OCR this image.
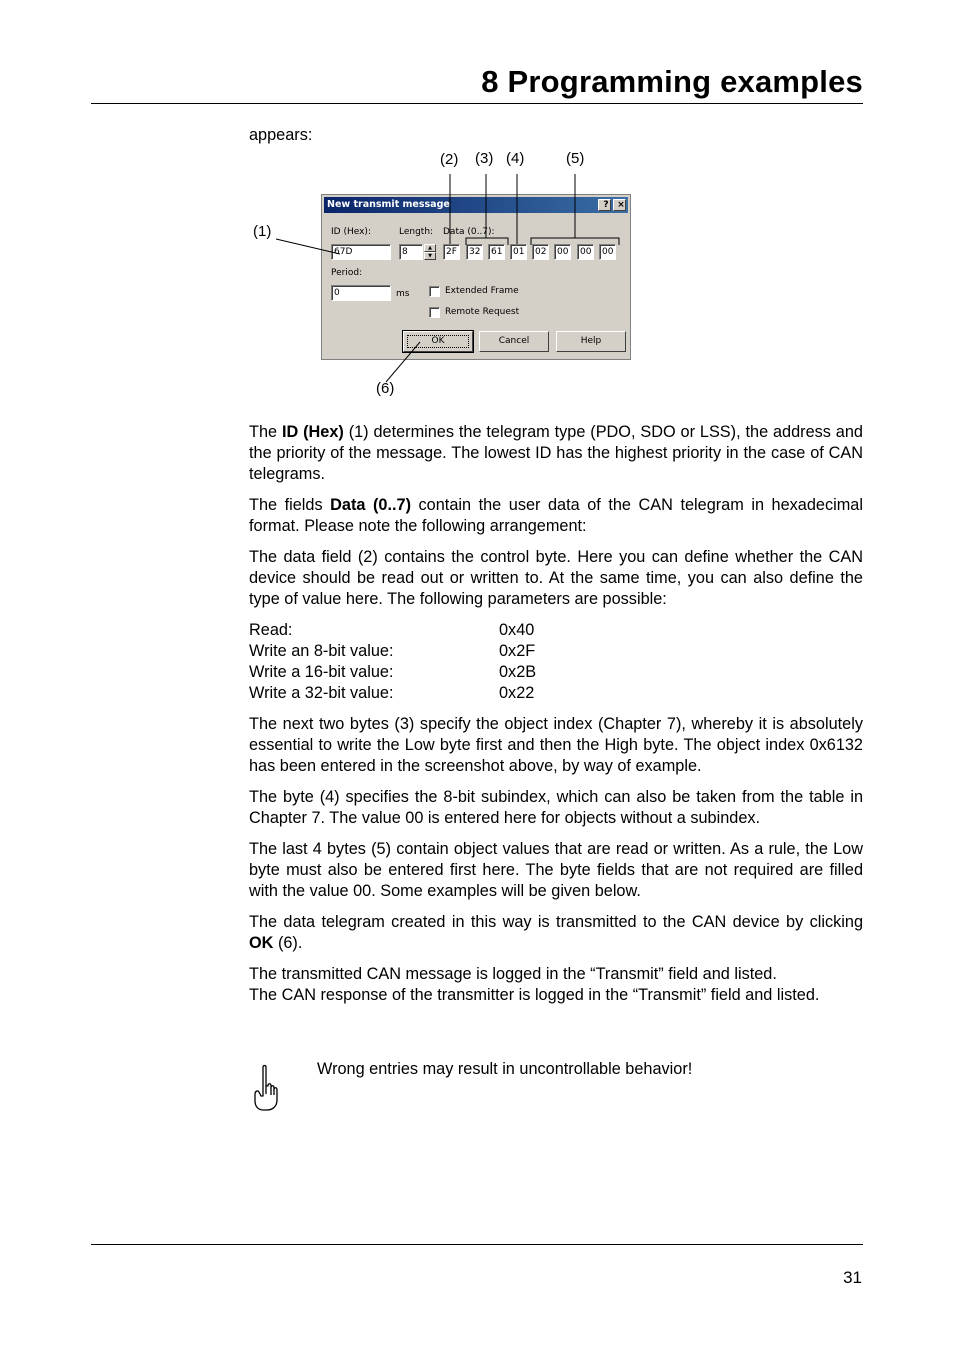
8 Programming examples
appears:
(1)
(2) (3) (4)	(5)
(6)
New transmit message	? ×
ID (Hex):
67D
Length:
8	▲
▼
Data (0..7):
2F	32	61	01	02	00	00	00
Period:
0	ms	Extended Frame
Remote Request
OK	Cancel	Help

The ID (Hex) (1) determines the telegram type (PDO, SDO or LSS), the address and the priority of the message. The lowest ID has the highest priority in the case of CAN telegrams.

The fields Data (0..7) contain the user data of the CAN telegram in hexadecimal format. Please note the following arrangement:

The data field (2) contains the control byte. Here you can define whether the CAN device should be read out or written to. At the same time, you can also define the type of value here. The following parameters are possible:

Read:	0x40
Write an 8-bit value:	0x2F
Write a 16-bit value:	0x2B
Write a 32-bit value:	0x22

The next two bytes (3) specify the object index (Chapter 7), whereby it is absolutely essential to write the Low byte first and then the High byte. The object index 0x6132 has been entered in the screenshot above, by way of example.

The byte (4) specifies the 8-bit subindex, which can also be taken from the table in Chapter 7. The value 00 is entered here for objects without a subindex.

The last 4 bytes (5) contain object values that are read or written. As a rule, the Low byte must also be entered first here. The byte fields that are not required are filled with the value 00. Some examples will be given below.

The data telegram created in this way is transmitted to the CAN device by clicking OK (6).

The transmitted CAN message is logged in the “Transmit” field and listed.

The CAN response of the transmitter is logged in the “Transmit” field and listed.

Wrong entries may result in uncontrollable behavior!
31
